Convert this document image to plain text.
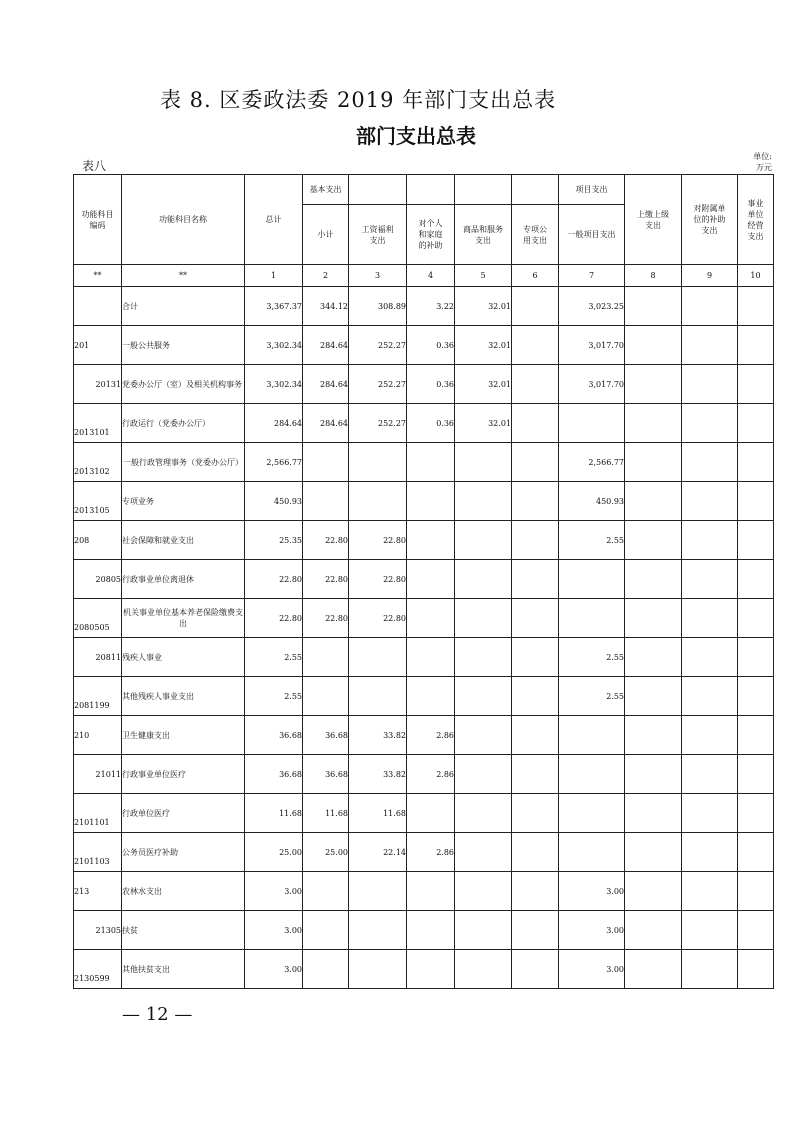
表 8. 区委政法委 2019 年部门支出总表
部门支出总表
表八
单位:
万元
功能科目编码	功能科目名称	总计	基本支出					项目支出	上缴上级支出	对附属单位的补助支出	事业单位经营支出
			小计	工资福利支出	对个人和家庭的补助	商品和服务支出	专项公用支出	一般项目支出			
**	**	1	2	3	4	5	6	7	8	9	10
	合计	3,367.37	344.12	308.89	3.22	32.01		3,023.25			
201	一般公共服务	3,302.34	284.64	252.27	0.36	32.01		3,017.70			
20131	党委办公厅（室）及相关机构事务	3,302.34	284.64	252.27	0.36	32.01		3,017.70			
2013101	行政运行（党委办公厅）	284.64	284.64	252.27	0.36	32.01					
2013102	一般行政管理事务（党委办公厅）	2,566.77						2,566.77			
2013105	专项业务	450.93						450.93			
208	社会保障和就业支出	25.35	22.80	22.80				2.55			
20805	行政事业单位离退休	22.80	22.80	22.80							
2080505	机关事业单位基本养老保险缴费支出	22.80	22.80	22.80							
20811	残疾人事业	2.55						2.55			
2081199	其他残疾人事业支出	2.55						2.55			
210	卫生健康支出	36.68	36.68	33.82	2.86						
21011	行政事业单位医疗	36.68	36.68	33.82	2.86						
2101101	行政单位医疗	11.68	11.68	11.68							
2101103	公务员医疗补助	25.00	25.00	22.14	2.86						
213	农林水支出	3.00						3.00			
21305	扶贫	3.00						3.00			
2130599	其他扶贫支出	3.00						3.00			
— 12 —
